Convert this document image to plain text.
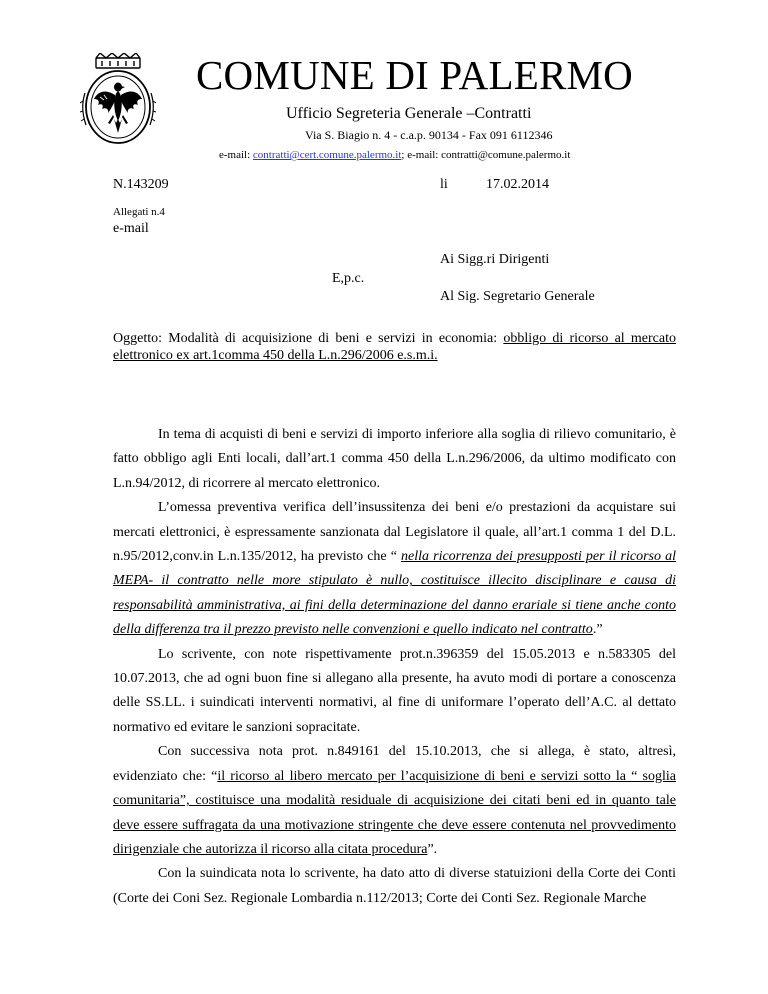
COMUNE DI PALERMO
Ufficio Segreteria Generale –Contratti
Via S. Biagio n. 4 - c.a.p. 90134 - Fax 091 6112346
e-mail: contratti@cert.comune.palermo.it; e-mail: contratti@comune.palermo.it
N.143209	li	17.02.2014
Allegati n.4
e-mail
Ai Sigg.ri Dirigenti
E,p.c.
Al Sig. Segretario Generale
Oggetto: Modalità di acquisizione di beni e servizi in economia: obbligo di ricorso al mercato elettronico ex art.1comma 450 della L.n.296/2006 e.s.m.i.

In tema di acquisti di beni e servizi di importo inferiore alla soglia di rilievo comunitario, è fatto obbligo agli Enti locali, dall’art.1 comma 450 della L.n.296/2006, da ultimo modificato con L.n.94/2012, di ricorrere al mercato elettronico.

L’omessa preventiva verifica dell’insussitenza dei beni e/o prestazioni da acquistare sui mercati elettronici, è espressamente sanzionata dal Legislatore il quale, all’art.1 comma 1 del D.L. n.95/2012,conv.in L.n.135/2012, ha previsto che “ nella ricorrenza dei presupposti per il ricorso al MEPA- il contratto nelle more stipulato è nullo, costituisce illecito disciplinare e causa di responsabilità amministrativa, ai fini della determinazione del danno erariale si tiene anche conto della differenza tra il prezzo previsto nelle convenzioni e quello indicato nel contratto.”

Lo scrivente, con note rispettivamente prot.n.396359 del 15.05.2013 e n.583305 del 10.07.2013, che ad ogni buon fine si allegano alla presente, ha avuto modi di portare a conoscenza delle SS.LL. i suindicati interventi normativi, al fine di uniformare l’operato dell’A.C. al dettato normativo ed evitare le sanzioni sopracitate.

Con successiva nota prot. n.849161 del 15.10.2013, che si allega, è stato, altresì, evidenziato che: “il ricorso al libero mercato per l’acquisizione di beni e servizi sotto la “ soglia comunitaria”, costituisce una modalità residuale di acquisizione dei citati beni ed in quanto tale deve essere suffragata da una motivazione stringente che deve essere contenuta nel provvedimento dirigenziale che autorizza il ricorso alla citata procedura”.

Con la suindicata nota lo scrivente, ha dato atto di diverse statuizioni della Corte dei Conti (Corte dei Coni Sez. Regionale Lombardia n.112/2013; Corte dei Conti Sez. Regionale Marche
